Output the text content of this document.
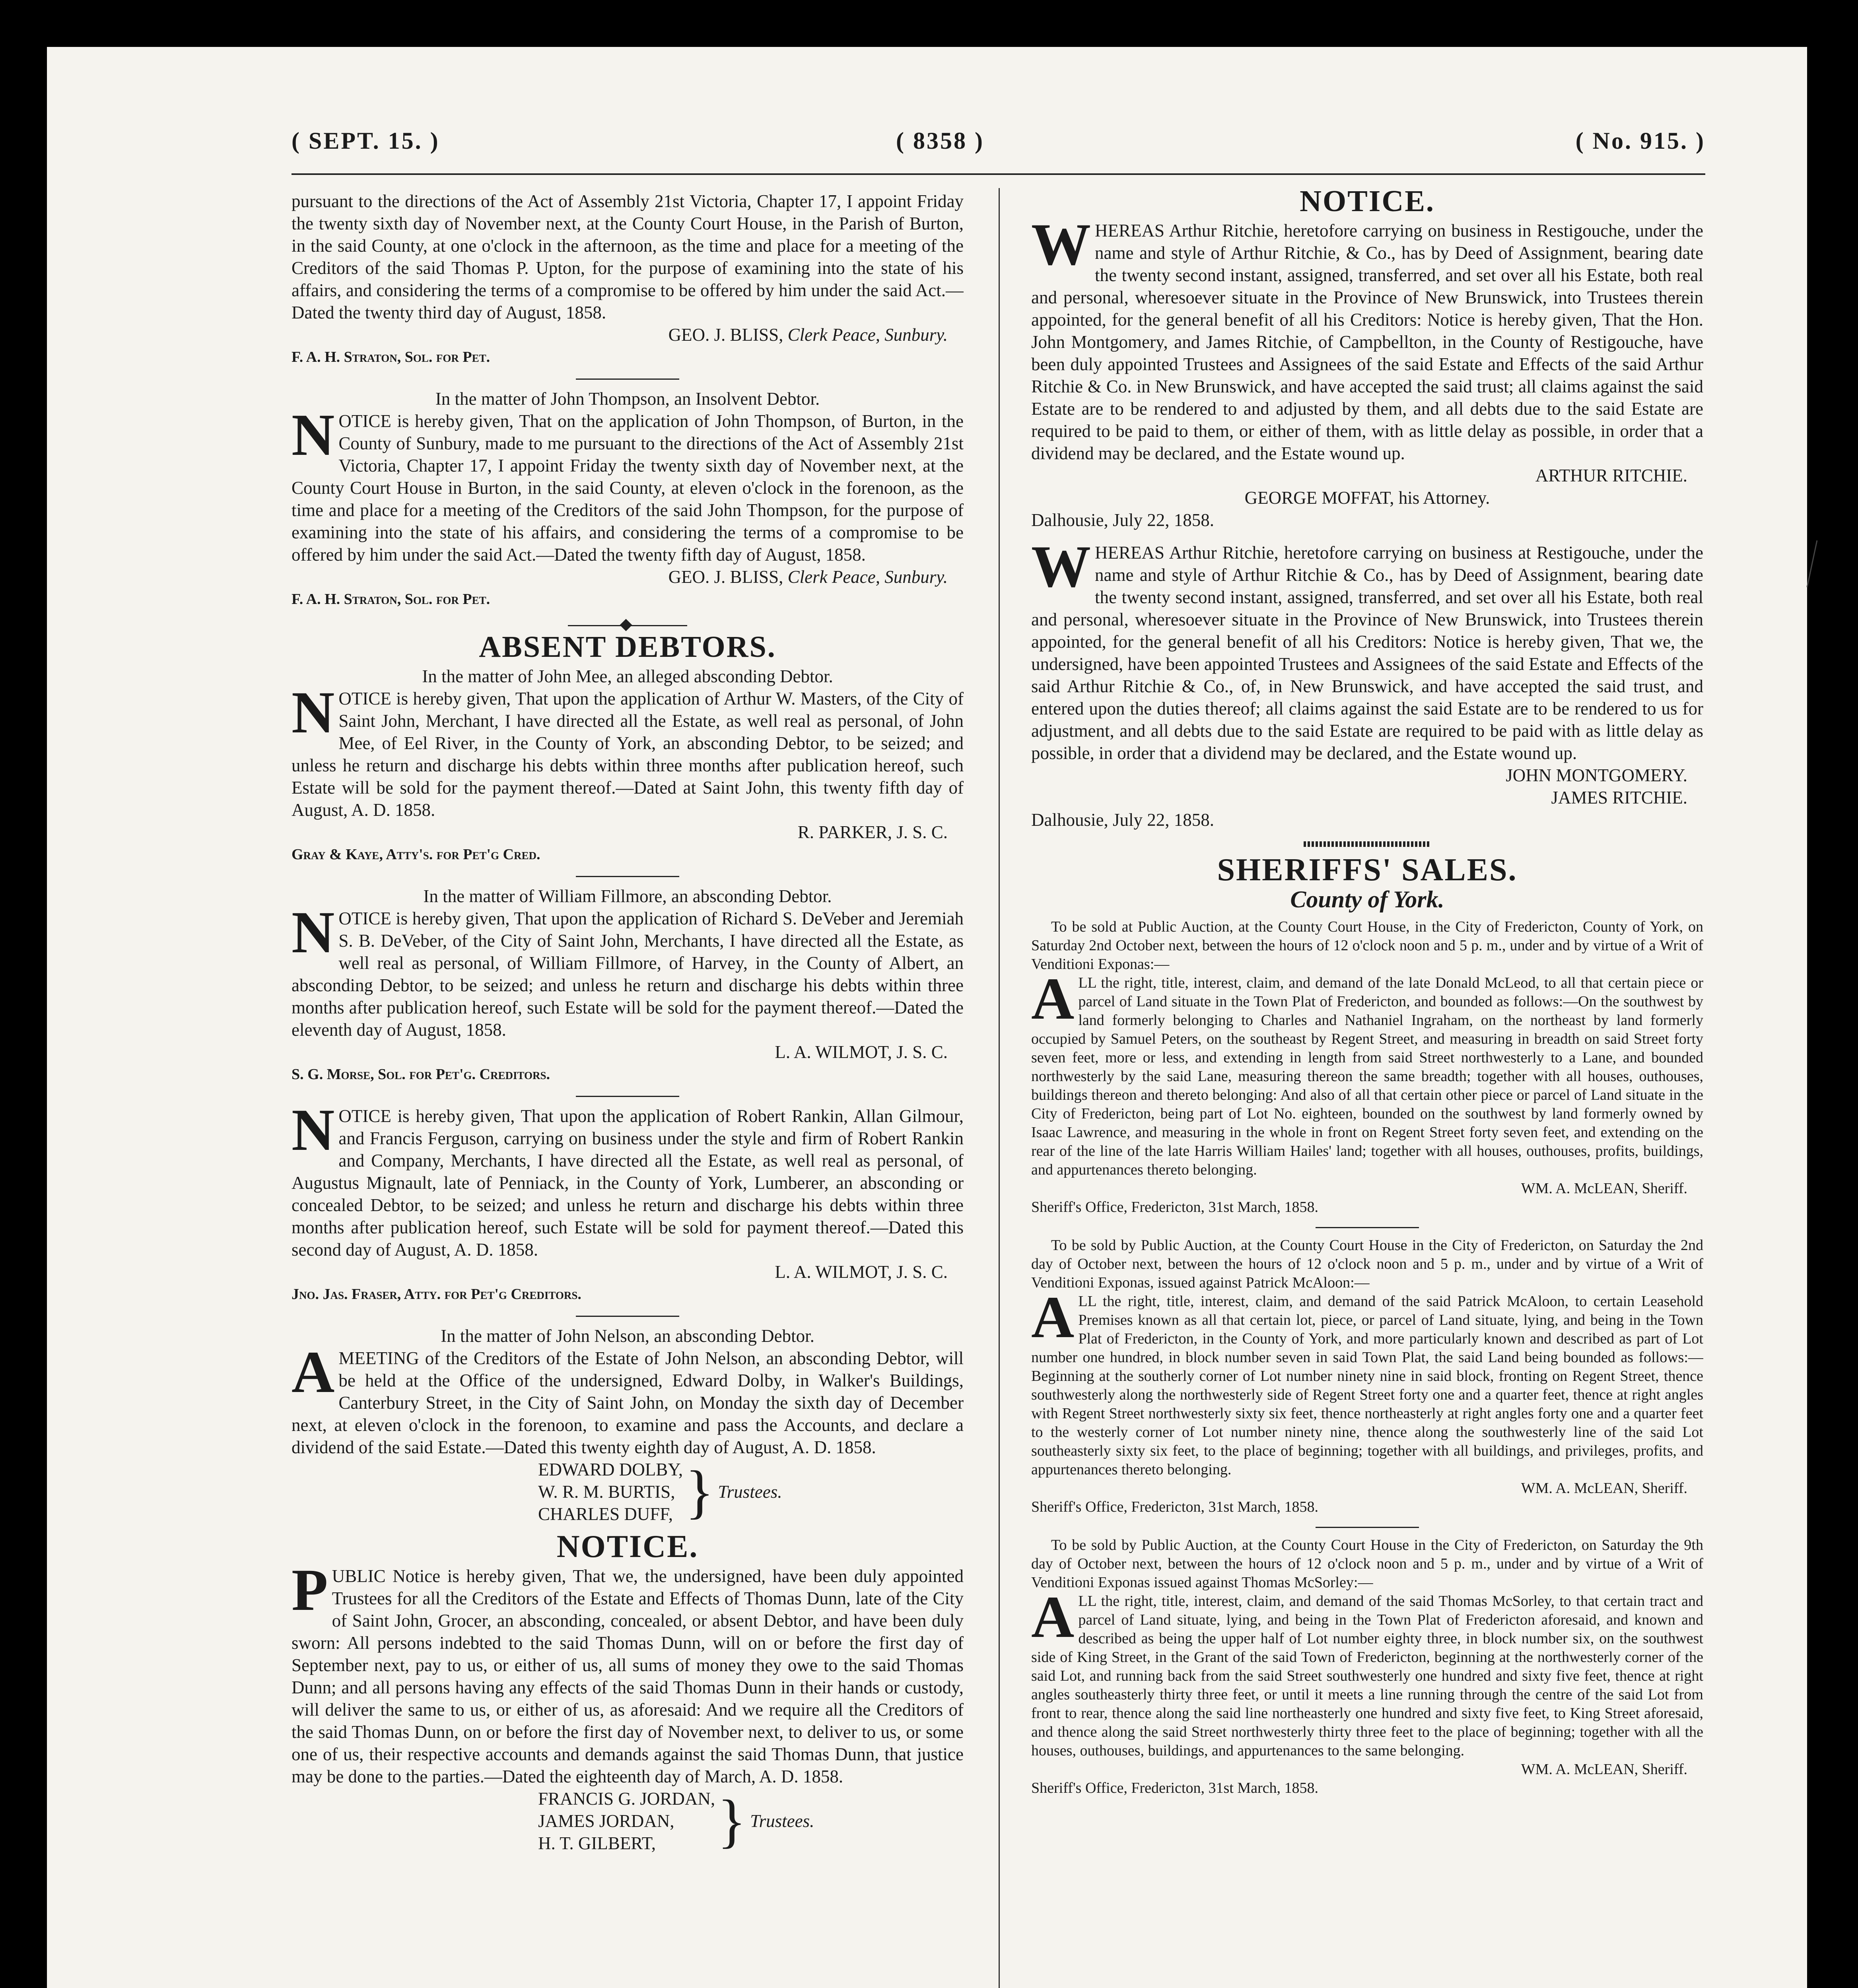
( SEPT. 15. )	( 8358 )	( No. 915. )

pursuant to the directions of the Act of Assembly 21st Victoria, Chapter 17, I appoint Friday the twenty sixth day of November next, at the County Court House, in the Parish of Burton, in the said County, at one o'clock in the afternoon, as the time and place for a meeting of the Creditors of the said Thomas P. Upton, for the purpose of examining into the state of his affairs, and considering the terms of a compromise to be offered by him under the said Act.—Dated the twenty third day of August, 1858.

GEO. J. BLISS, Clerk Peace, Sunbury.

F. A. H. Straton, Sol. for Pet.

In the matter of John Thompson, an Insolvent Debtor.

NOTICE is hereby given, That on the application of John Thompson, of Burton, in the County of Sunbury, made to me pursuant to the directions of the Act of Assembly 21st Victoria, Chapter 17, I appoint Friday the twenty sixth day of November next, at the County Court House in Burton, in the said County, at eleven o'clock in the forenoon, as the time and place for a meeting of the Creditors of the said John Thompson, for the purpose of examining into the state of his affairs, and considering the terms of a compromise to be offered by him under the said Act.—Dated the twenty fifth day of August, 1858.

GEO. J. BLISS, Clerk Peace, Sunbury.

F. A. H. Straton, Sol. for Pet.

ABSENT DEBTORS.

In the matter of John Mee, an alleged absconding Debtor.

NOTICE is hereby given, That upon the application of Arthur W. Masters, of the City of Saint John, Merchant, I have directed all the Estate, as well real as personal, of John Mee, of Eel River, in the County of York, an absconding Debtor, to be seized; and unless he return and discharge his debts within three months after publication hereof, such Estate will be sold for the payment thereof.—Dated at Saint John, this twenty fifth day of August, A. D. 1858.

R. PARKER, J. S. C.

Gray & Kaye, Atty's. for Pet'g Cred.

In the matter of William Fillmore, an absconding Debtor.

NOTICE is hereby given, That upon the application of Richard S. DeVeber and Jeremiah S. B. DeVeber, of the City of Saint John, Merchants, I have directed all the Estate, as well real as personal, of William Fillmore, of Harvey, in the County of Albert, an absconding Debtor, to be seized; and unless he return and discharge his debts within three months after publication hereof, such Estate will be sold for the payment thereof.—Dated the eleventh day of August, 1858.

L. A. WILMOT, J. S. C.

S. G. Morse, Sol. for Pet'g. Creditors.

NOTICE is hereby given, That upon the application of Robert Rankin, Allan Gilmour, and Francis Ferguson, carrying on business under the style and firm of Robert Rankin and Company, Merchants, I have directed all the Estate, as well real as personal, of Augustus Mignault, late of Penniack, in the County of York, Lumberer, an absconding or concealed Debtor, to be seized; and unless he return and discharge his debts within three months after publication hereof, such Estate will be sold for payment thereof.—Dated this second day of August, A. D. 1858.

L. A. WILMOT, J. S. C.

Jno. Jas. Fraser, Atty. for Pet'g Creditors.

In the matter of John Nelson, an absconding Debtor.

AMEETING of the Creditors of the Estate of John Nelson, an absconding Debtor, will be held at the Office of the undersigned, Edward Dolby, in Walker's Buildings, Canterbury Street, in the City of Saint John, on Monday the sixth day of December next, at eleven o'clock in the forenoon, to examine and pass the Accounts, and declare a dividend of the said Estate.—Dated this twenty eighth day of August, A. D. 1858.

EDWARD DOLBY,
W. R. M. BURTIS,
CHARLES DUFF, } Trustees.
NOTICE.

PUBLIC Notice is hereby given, That we, the undersigned, have been duly appointed Trustees for all the Creditors of the Estate and Effects of Thomas Dunn, late of the City of Saint John, Grocer, an absconding, concealed, or absent Debtor, and have been duly sworn: All persons indebted to the said Thomas Dunn, will on or before the first day of September next, pay to us, or either of us, all sums of money they owe to the said Thomas Dunn; and all persons having any effects of the said Thomas Dunn in their hands or custody, will deliver the same to us, or either of us, as aforesaid: And we require all the Creditors of the said Thomas Dunn, on or before the first day of November next, to deliver to us, or some one of us, their respective accounts and demands against the said Thomas Dunn, that justice may be done to the parties.—Dated the eighteenth day of March, A. D. 1858.

FRANCIS G. JORDAN,
JAMES JORDAN,
H. T. GILBERT,	} Trustees.
NOTICE.

WHEREAS Arthur Ritchie, heretofore carrying on business in Restigouche, under the name and style of Arthur Ritchie, & Co., has by Deed of Assignment, bearing date the twenty second instant, assigned, transferred, and set over all his Estate, both real and personal, wheresoever situate in the Province of New Brunswick, into Trustees therein appointed, for the general benefit of all his Creditors: Notice is hereby given, That the Hon. John Montgomery, and James Ritchie, of Campbellton, in the County of Restigouche, have been duly appointed Trustees and Assignees of the said Estate and Effects of the said Arthur Ritchie & Co. in New Brunswick, and have accepted the said trust; all claims against the said Estate are to be rendered to and adjusted by them, and all debts due to the said Estate are required to be paid to them, or either of them, with as little delay as possible, in order that a dividend may be declared, and the Estate wound up.

ARTHUR RITCHIE.

GEORGE MOFFAT, his Attorney.

Dalhousie, July 22, 1858.

WHEREAS Arthur Ritchie, heretofore carrying on business at Restigouche, under the name and style of Arthur Ritchie & Co., has by Deed of Assignment, bearing date the twenty second instant, assigned, transferred, and set over all his Estate, both real and personal, wheresoever situate in the Province of New Brunswick, into Trustees therein appointed, for the general benefit of all his Creditors: Notice is hereby given, That we, the undersigned, have been appointed Trustees and Assignees of the said Estate and Effects of the said Arthur Ritchie & Co., of, in New Brunswick, and have accepted the said trust, and entered upon the duties thereof; all claims against the said Estate are to be rendered to us for adjustment, and all debts due to the said Estate are required to be paid with as little delay as possible, in order that a dividend may be declared, and the Estate wound up.

JOHN MONTGOMERY.

JAMES RITCHIE.

Dalhousie, July 22, 1858.

SHERIFFS' SALES.
County of York.

To be sold at Public Auction, at the County Court House, in the City of Fredericton, County of York, on Saturday 2nd October next, between the hours of 12 o'clock noon and 5 p. m., under and by virtue of a Writ of Venditioni Exponas:—

ALL the right, title, interest, claim, and demand of the late Donald McLeod, to all that certain piece or parcel of Land situate in the Town Plat of Fredericton, and bounded as follows:—On the southwest by land formerly belonging to Charles and Nathaniel Ingraham, on the northeast by land formerly occupied by Samuel Peters, on the southeast by Regent Street, and measuring in breadth on said Street forty seven feet, more or less, and extending in length from said Street northwesterly to a Lane, and bounded northwesterly by the said Lane, measuring thereon the same breadth; together with all houses, outhouses, buildings thereon and thereto belonging: And also of all that certain other piece or parcel of Land situate in the City of Fredericton, being part of Lot No. eighteen, bounded on the southwest by land formerly owned by Isaac Lawrence, and measuring in the whole in front on Regent Street forty seven feet, and extending on the rear of the line of the late Harris William Hailes' land; together with all houses, outhouses, profits, buildings, and appurtenances thereto belonging.

WM. A. McLEAN, Sheriff.

Sheriff's Office, Fredericton, 31st March, 1858.

To be sold by Public Auction, at the County Court House in the City of Fredericton, on Saturday the 2nd day of October next, between the hours of 12 o'clock noon and 5 p. m., under and by virtue of a Writ of Venditioni Exponas, issued against Patrick McAloon:—

ALL the right, title, interest, claim, and demand of the said Patrick McAloon, to certain Leasehold Premises known as all that certain lot, piece, or parcel of Land situate, lying, and being in the Town Plat of Fredericton, in the County of York, and more particularly known and described as part of Lot number one hundred, in block number seven in said Town Plat, the said Land being bounded as follows:—Beginning at the southerly corner of Lot number ninety nine in said block, fronting on Regent Street, thence southwesterly along the northwesterly side of Regent Street forty one and a quarter feet, thence at right angles with Regent Street northwesterly sixty six feet, thence northeasterly at right angles forty one and a quarter feet to the westerly corner of Lot number ninety nine, thence along the southwesterly line of the said Lot southeasterly sixty six feet, to the place of beginning; together with all buildings, and privileges, profits, and appurtenances thereto belonging.

WM. A. McLEAN, Sheriff.

Sheriff's Office, Fredericton, 31st March, 1858.

To be sold by Public Auction, at the County Court House in the City of Fredericton, on Saturday the 9th day of October next, between the hours of 12 o'clock noon and 5 p. m., under and by virtue of a Writ of Venditioni Exponas issued against Thomas McSorley:—

ALL the right, title, interest, claim, and demand of the said Thomas McSorley, to that certain tract and parcel of Land situate, lying, and being in the Town Plat of Fredericton aforesaid, and known and described as being the upper half of Lot number eighty three, in block number six, on the southwest side of King Street, in the Grant of the said Town of Fredericton, beginning at the northwesterly corner of the said Lot, and running back from the said Street southwesterly one hundred and sixty five feet, thence at right angles southeasterly thirty three feet, or until it meets a line running through the centre of the said Lot from front to rear, thence along the said line northeasterly one hundred and sixty five feet, to King Street aforesaid, and thence along the said Street northwesterly thirty three feet to the place of beginning; together with all the houses, outhouses, buildings, and appurtenances to the same belonging.

WM. A. McLEAN, Sheriff.

Sheriff's Office, Fredericton, 31st March, 1858.
